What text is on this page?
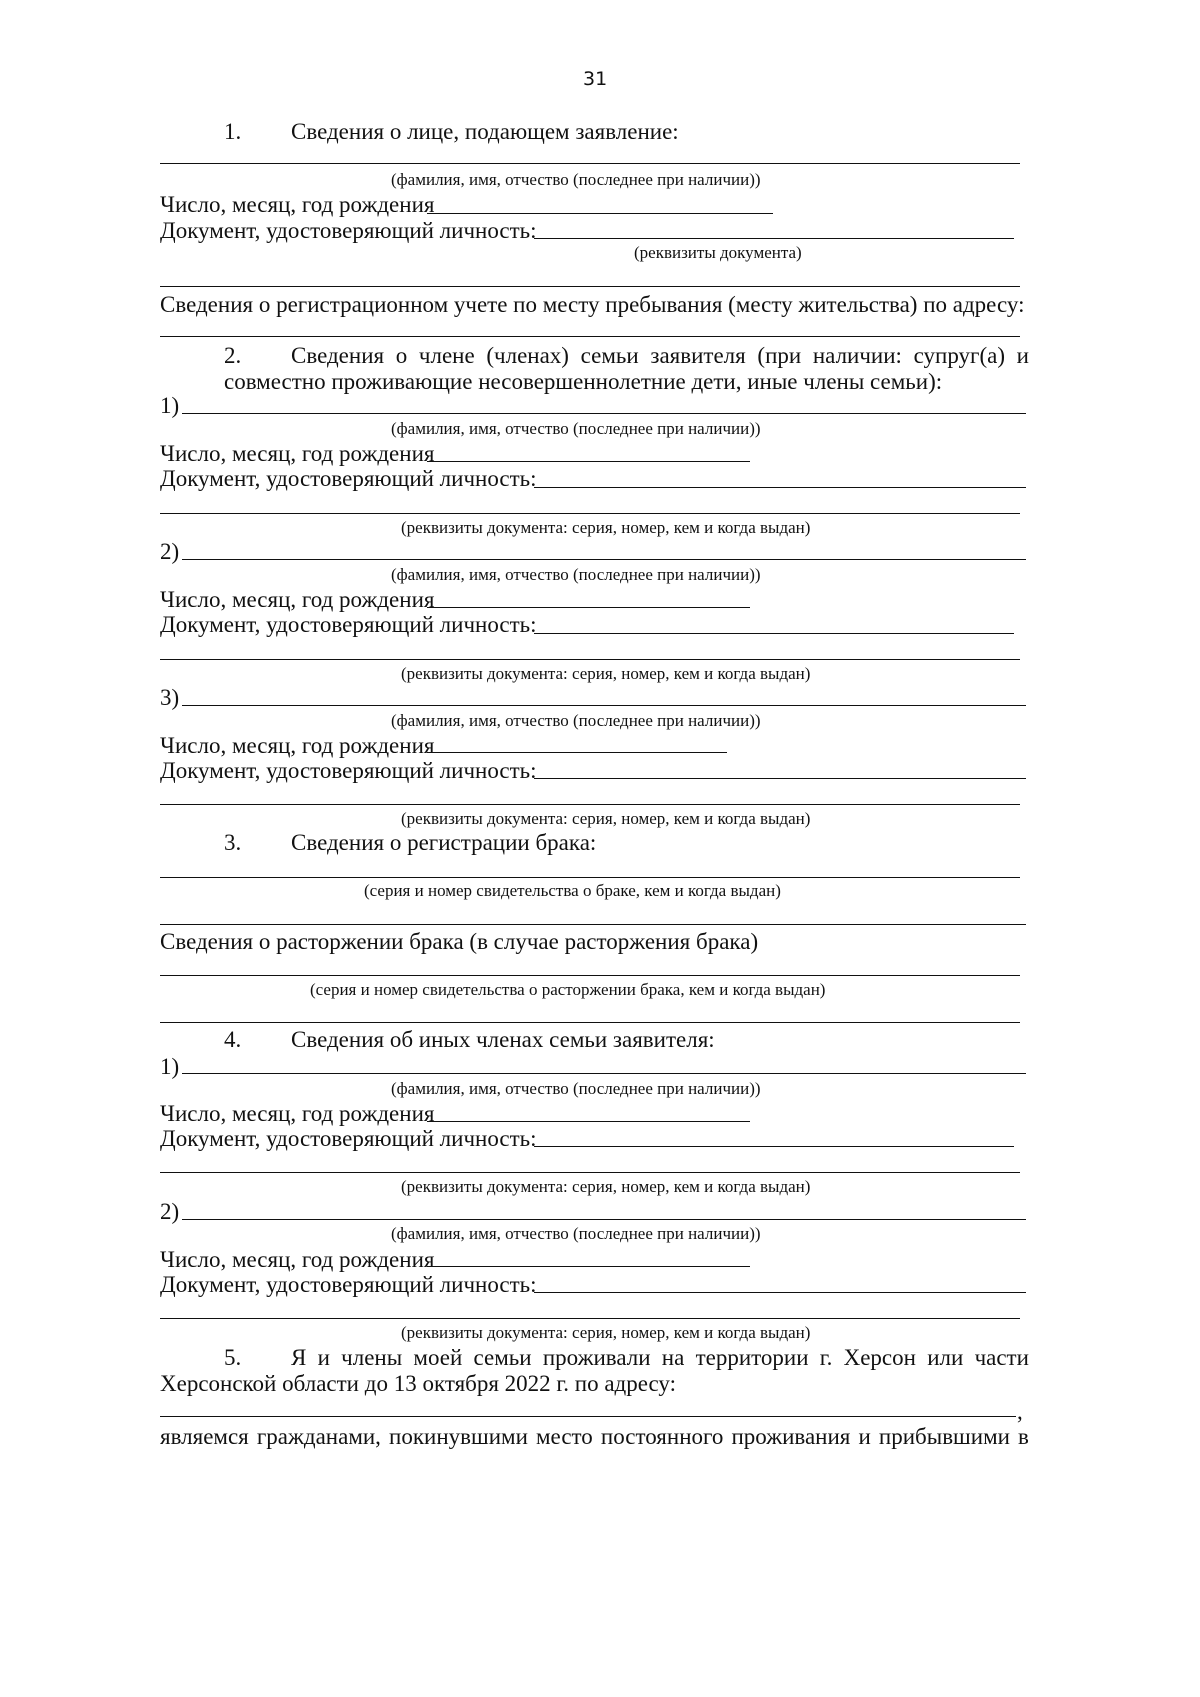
31
1. Сведения о лице, подающем заявление:
(фамилия, имя, отчество (последнее при наличии))
Число, месяц, год рождения
Документ, удостоверяющий личность:
(реквизиты документа)
Сведения о регистрационном учете по месту пребывания (месту жительства) по адресу:
2. Сведения о члене (членах) семьи заявителя (при наличии: супруг(а) и
совместно проживающие несовершеннолетние дети, иные члены семьи):
1)
(фамилия, имя, отчество (последнее при наличии))
Число, месяц, год рождения
Документ, удостоверяющий личность:
(реквизиты документа: серия, номер, кем и когда выдан)
2)
(фамилия, имя, отчество (последнее при наличии))
Число, месяц, год рождения
Документ, удостоверяющий личность:
(реквизиты документа: серия, номер, кем и когда выдан)
3)
(фамилия, имя, отчество (последнее при наличии))
Число, месяц, год рождения
Документ, удостоверяющий личность:
(реквизиты документа: серия, номер, кем и когда выдан)
3. Сведения о регистрации брака:
(серия и номер свидетельства о браке, кем и когда выдан)
Сведения о расторжении брака (в случае расторжения брака)
(серия и номер свидетельства о расторжении брака, кем и когда выдан)
4. Сведения об иных членах семьи заявителя:
1)
(фамилия, имя, отчество (последнее при наличии))
Число, месяц, год рождения
Документ, удостоверяющий личность:
(реквизиты документа: серия, номер, кем и когда выдан)
2)
(фамилия, имя, отчество (последнее при наличии))
Число, месяц, год рождения
Документ, удостоверяющий личность:
(реквизиты документа: серия, номер, кем и когда выдан)
5. Я и члены моей семьи проживали на территории г. Херсон или части
Херсонской области до 13 октября 2022 г. по адресу:
,
являемся гражданами, покинувшими место постоянного проживания и прибывшими в
